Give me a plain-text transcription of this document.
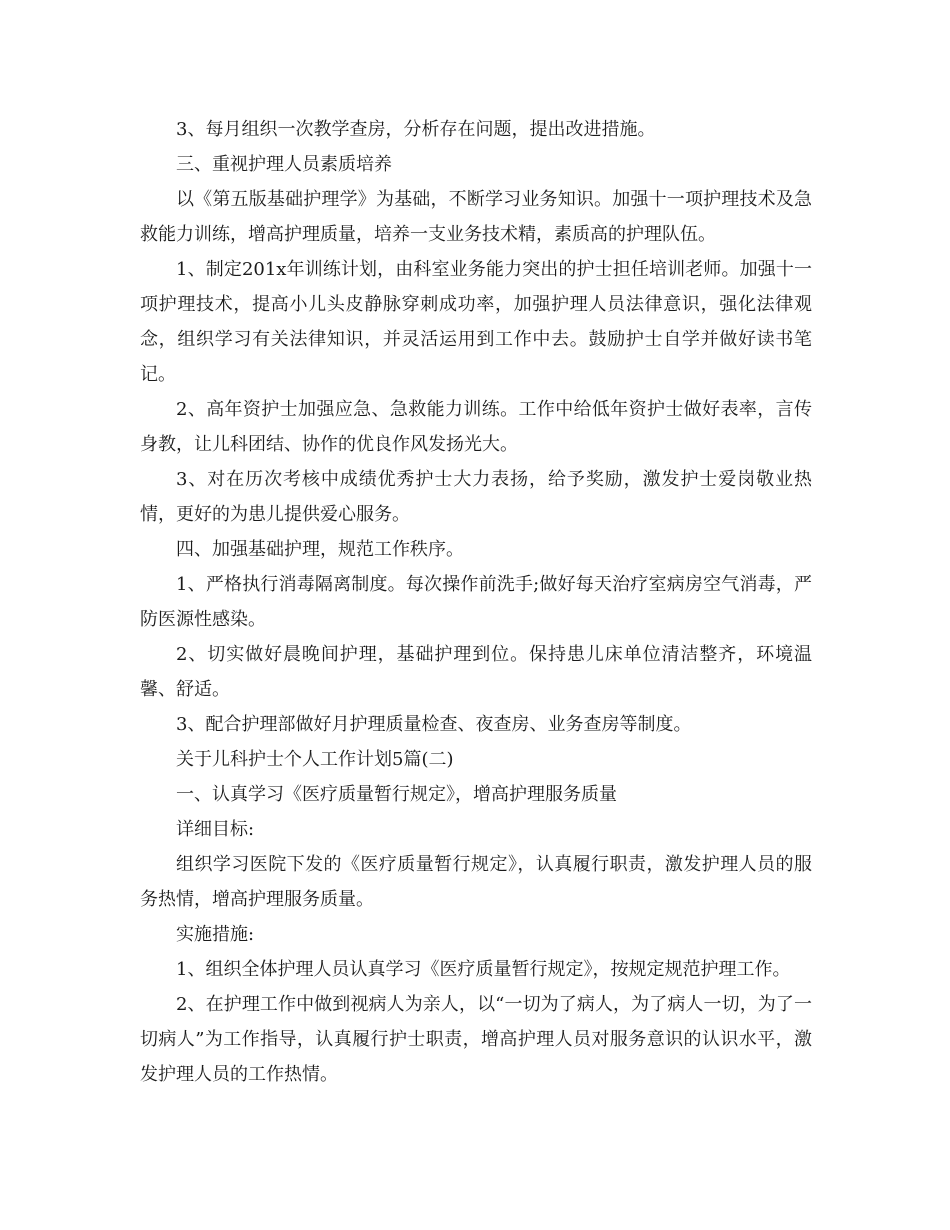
3、每月组织一次教学查房，分析存在问题，提出改进措施。

三、重视护理人员素质培养

以《第五版基础护理学》为基础，不断学习业务知识。加强十一项护理技术及急救能力训练，增高护理质量，培养一支业务技术精，素质高的护理队伍。

1、制定201x年训练计划，由科室业务能力突出的护士担任培训老师。加强十一项护理技术，提高小儿头皮静脉穿刺成功率，加强护理人员法律意识，强化法律观念，组织学习有关法律知识，并灵活运用到工作中去。鼓励护士自学并做好读书笔记。

2、高年资护士加强应急、急救能力训练。工作中给低年资护士做好表率，言传身教，让儿科团结、协作的优良作风发扬光大。

3、对在历次考核中成绩优秀护士大力表扬，给予奖励，激发护士爱岗敬业热情，更好的为患儿提供爱心服务。

四、加强基础护理，规范工作秩序。

1、严格执行消毒隔离制度。每次操作前洗手;做好每天治疗室病房空气消毒，严防医源性感染。

2、切实做好晨晚间护理，基础护理到位。保持患儿床单位清洁整齐，环境温馨、舒适。

3、配合护理部做好月护理质量检查、夜查房、业务查房等制度。

关于儿科护士个人工作计划5篇(二)

一、认真学习《医疗质量暂行规定》，增高护理服务质量

详细目标:

组织学习医院下发的《医疗质量暂行规定》，认真履行职责，激发护理人员的服务热情，增高护理服务质量。

实施措施:

1、组织全体护理人员认真学习《医疗质量暂行规定》，按规定规范护理工作。

2、在护理工作中做到视病人为亲人，以“一切为了病人，为了病人一切，为了一切病人”为工作指导，认真履行护士职责，增高护理人员对服务意识的认识水平，激发护理人员的工作热情。
